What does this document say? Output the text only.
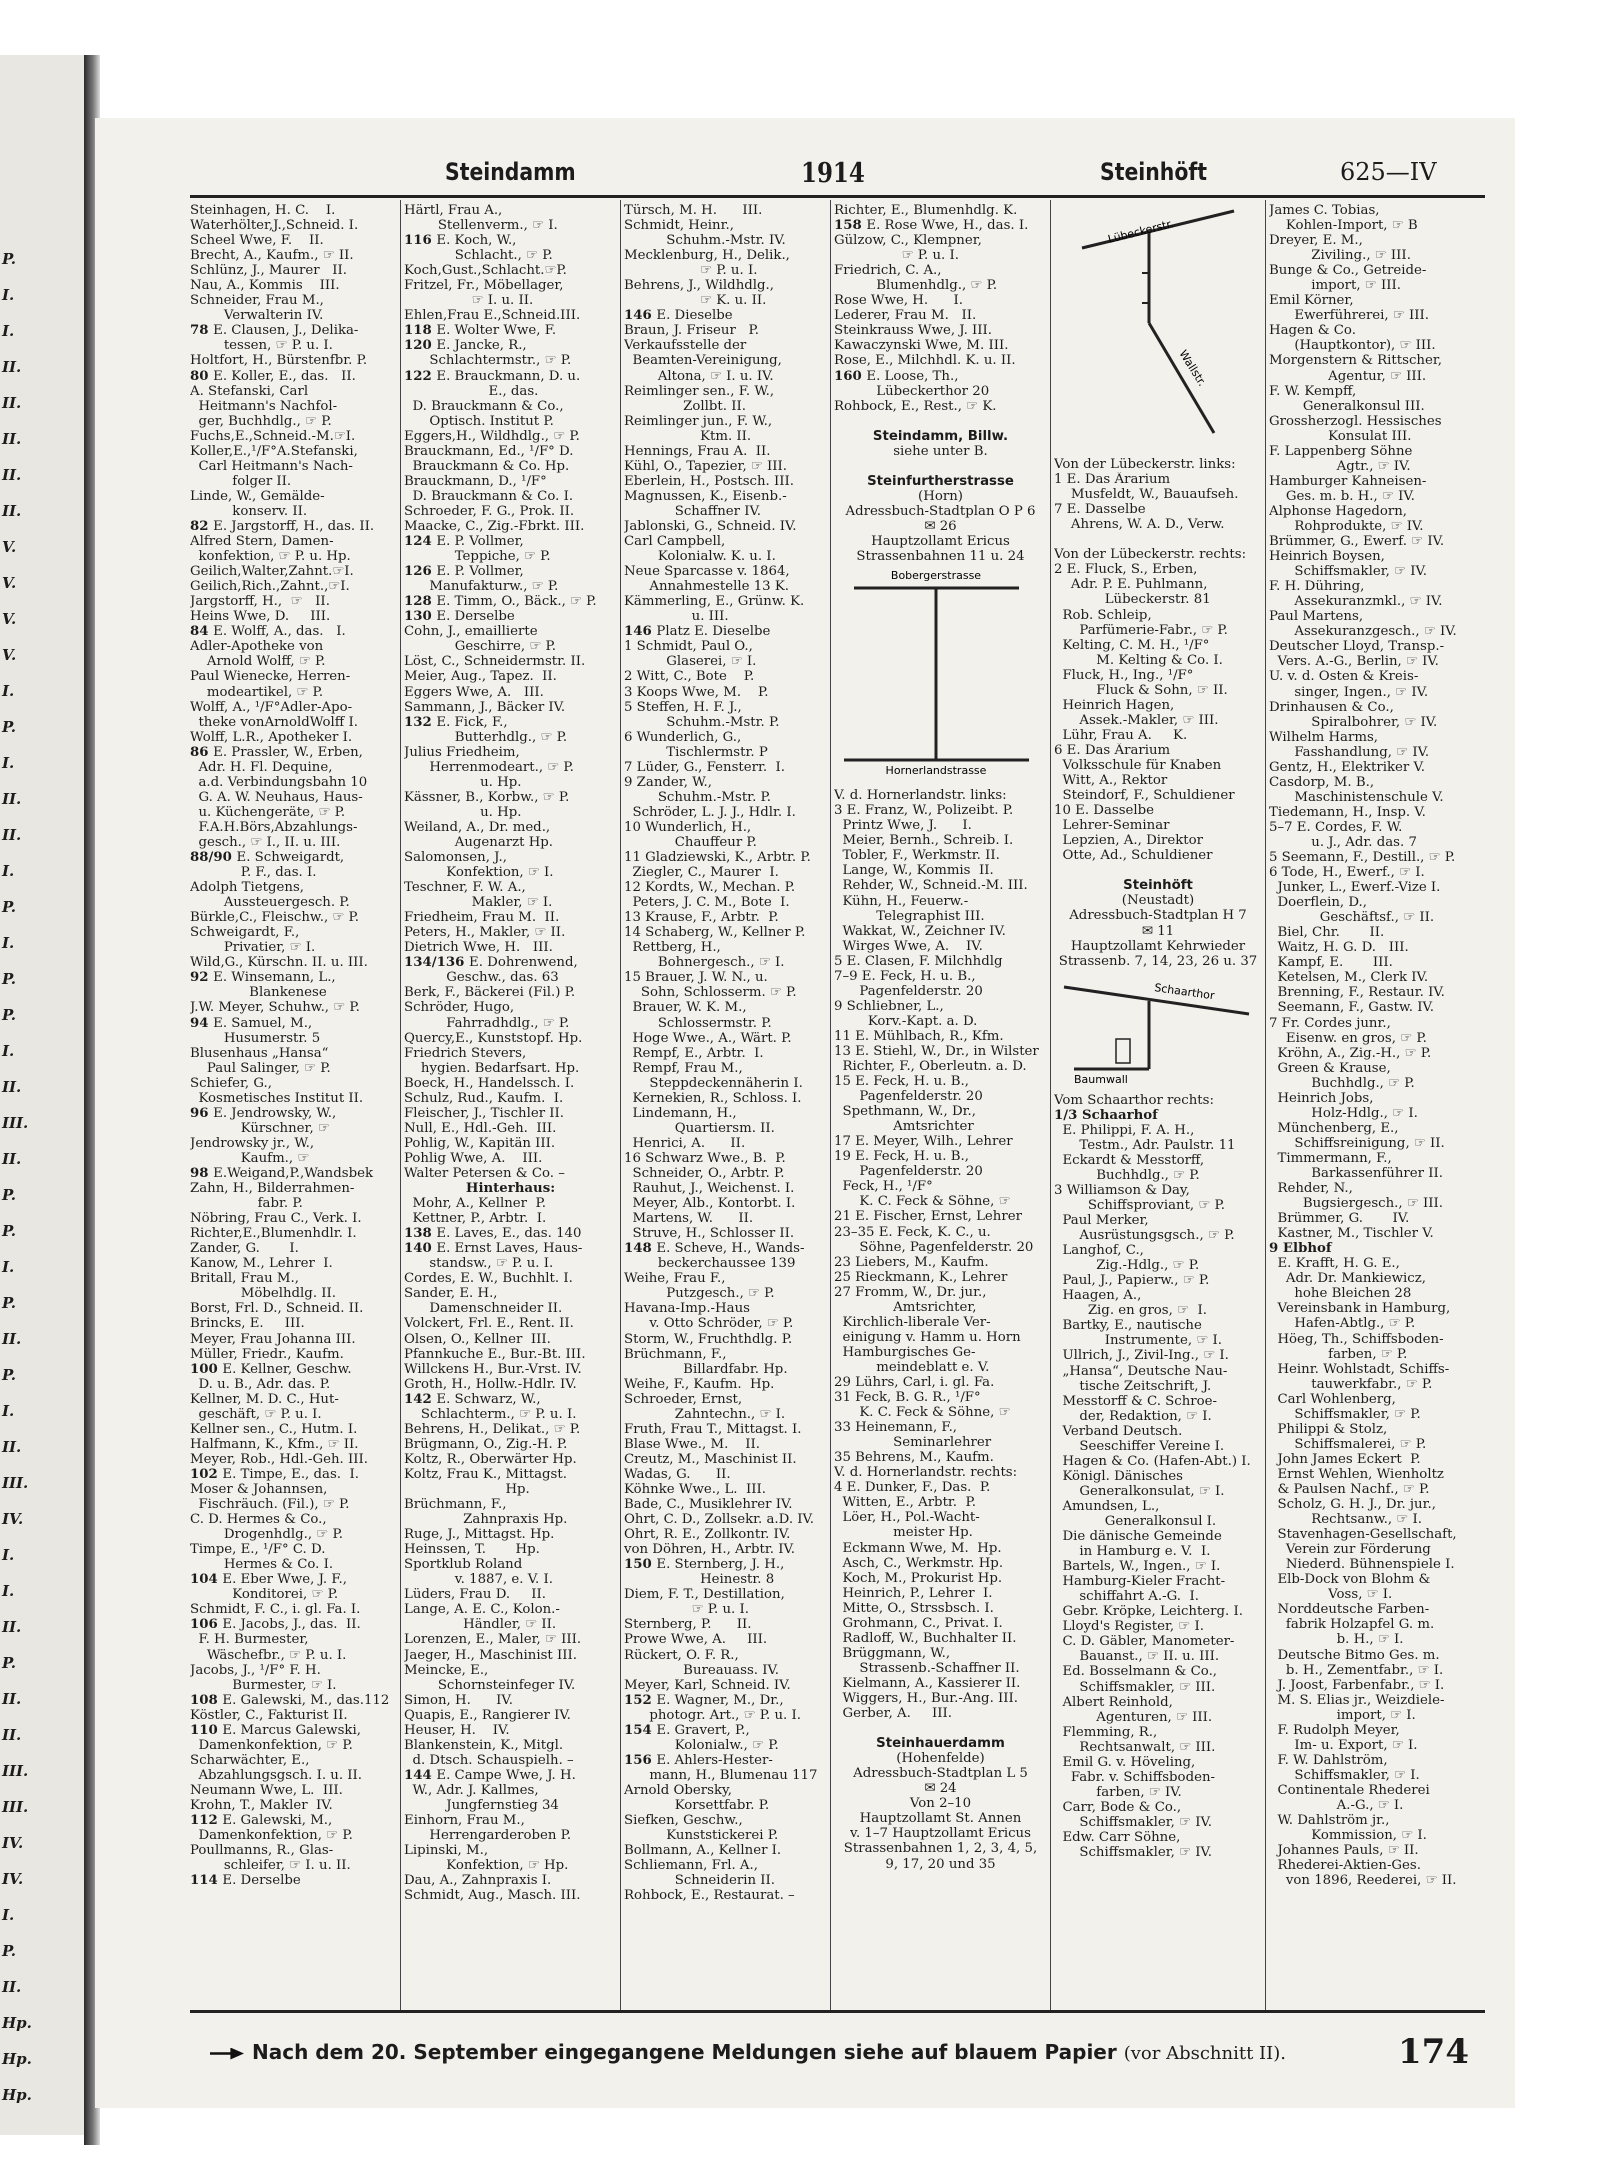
P.
I.
I.
II.
II.
II.
II.
II.
V.
V.
V.
V.
I.
P.
I.
II.
II.
I.
P.
I.
P.
P.
I.
II.
III.
II.
P.
P.
I.
P.
II.
P.
I.
II.
III.
IV.
I.
I.
II.
P.
II.
II.
III.
III.
IV.
IV.
I.
P.
II.
Hp.
Hp.
Hp.
Steindamm	1914	Steinhöft	625—IV
Steinhagen, H. C.    I.
Waterhölter,J.,Schneid. I.
Scheel Wwe, F.    II.
Brecht, A., Kaufm., ☞ II.
Schlünz, J., Maurer   II.
Nau, A., Kommis    III.
Schneider, Frau M.,
Verwalterin IV.
78 E. Clausen, J., Delika-
tessen, ☞ P. u. I.
Holtfort, H., Bürstenfbr. P.
80 E. Koller, E., das.   II.
A. Stefanski, Carl
Heitmann's Nachfol-
ger, Buchhdlg., ☞ P.
Fuchs,E.,Schneid.-M.☞I.
Koller,E.,¹/F°A.Stefanski,
Carl Heitmann's Nach-
folger II.
Linde, W., Gemälde-
konserv. II.
82 E. Jargstorff, H., das. II.
Alfred Stern, Damen-
konfektion, ☞ P. u. Hp.
Geilich,Walter,Zahnt.☞I.
Geilich,Rich.,Zahnt.,☞I.
Jargstorff, H.,  ☞   II.
Heins Wwe, D.     III.
84 E. Wolff, A., das.   I.
Adler-Apotheke von
Arnold Wolff, ☞ P.
Paul Wienecke, Herren-
modeartikel, ☞ P.
Wolff, A., ¹/F°Adler-Apo-
theke vonArnoldWolff I.
Wolff, L.R., Apotheker I.
86 E. Prassler, W., Erben,
Adr. H. Fl. Dequine,
a.d. Verbindungsbahn 10
G. A. W. Neuhaus, Haus-
u. Küchengeräte, ☞ P.
F.A.H.Börs,Abzahlungs-
gesch., ☞ I., II. u. III.
88/90 E. Schweigardt,
P. F., das. I.
Adolph Tietgens,
Aussteuergesch. P.
Bürkle,C., Fleischw., ☞ P.
Schweigardt, F.,
Privatier, ☞ I.
Wild,G., Kürschn. II. u. III.
92 E. Winsemann, L.,
Blankenese
J.W. Meyer, Schuhw., ☞ P.
94 E. Samuel, M.,
Husumerstr. 5
Blusenhaus „Hansa“
Paul Salinger, ☞ P.
Schiefer, G.,
Kosmetisches Institut II.
96 E. Jendrowsky, W.,
Kürschner, ☞
Jendrowsky jr., W.,
Kaufm., ☞
98 E.Weigand,P.,Wandsbek
Zahn, H., Bilderrahmen-
fabr. P.
Nöbring, Frau C., Verk. I.
Richter,E.,Blumenhdlr. I.
Zander, G.       I.
Kanow, M., Lehrer  I.
Britall, Frau M.,
Möbelhdlg. II.
Borst, Frl. D., Schneid. II.
Brincks, E.     III.
Meyer, Frau Johanna III.
Müller, Friedr., Kaufm.
100 E. Kellner, Geschw.
D. u. B., Adr. das. P.
Kellner, M. D. C., Hut-
geschäft, ☞ P. u. I.
Kellner sen., C., Hutm. I.
Halfmann, K., Kfm., ☞ II.
Meyer, Rob., Hdl.-Geh. III.
102 E. Timpe, E., das.  I.
Moser & Johannsen,
Fischräuch. (Fil.), ☞ P.
C. D. Hermes & Co.,
Drogenhdlg., ☞ P.
Timpe, E., ¹/F° C. D.
Hermes & Co. I.
104 E. Eber Wwe, J. F.,
Konditorei, ☞ P.
Schmidt, F. C., i. gl. Fa. I.
106 E. Jacobs, J., das.  II.
F. H. Burmester,
Wäschefbr., ☞ P. u. I.
Jacobs, J., ¹/F° F. H.
Burmester, ☞ I.
108 E. Galewski, M., das.112
Köstler, C., Fakturist II.
110 E. Marcus Galewski,
Damenkonfektion, ☞ P.
Scharwächter, E.,
Abzahlungsgsch. I. u. II.
Neumann Wwe, L.  III.
Krohn, T., Makler  IV.
112 E. Galewski, M.,
Damenkonfektion, ☞ P.
Poullmanns, R., Glas-
schleifer, ☞ I. u. II.
114 E. Derselbe
Härtl, Frau A.,
Stellenverm., ☞ I.
116 E. Koch, W.,
Schlacht., ☞ P.
Koch,Gust.,Schlacht.☞P.
Fritzel, Fr., Möbellager,
☞ I. u. II.
Ehlen,Frau E.,Schneid.III.
118 E. Wolter Wwe, F.
120 E. Jancke, R.,
Schlachtermstr., ☞ P.
122 E. Brauckmann, D. u.
E., das.
D. Brauckmann & Co.,
Optisch. Institut P.
Eggers,H., Wildhdlg., ☞ P.
Brauckmann, Ed., ¹/F° D.
Brauckmann & Co. Hp.
Brauckmann, D., ¹/F°
D. Brauckmann & Co. I.
Schroeder, F. G., Prok. II.
Maacke, C., Zig.-Fbrkt. III.
124 E. P. Vollmer,
Teppiche, ☞ P.
126 E. P. Vollmer,
Manufakturw., ☞ P.
128 E. Timm, O., Bäck., ☞ P.
130 E. Derselbe
Cohn, J., emaillierte
Geschirre, ☞ P.
Löst, C., Schneidermstr. II.
Meier, Aug., Tapez.  II.
Eggers Wwe, A.   III.
Sammann, J., Bäcker IV.
132 E. Fick, F.,
Butterhdlg., ☞ P.
Julius Friedheim,
Herrenmodeart., ☞ P.
u. Hp.
Kässner, B., Korbw., ☞ P.
u. Hp.
Weiland, A., Dr. med.,
Augenarzt Hp.
Salomonsen, J.,
Konfektion, ☞ I.
Teschner, F. W. A.,
Makler, ☞ I.
Friedheim, Frau M.  II.
Peters, H., Makler, ☞ II.
Dietrich Wwe, H.   III.
134/136 E. Dohrenwend,
Geschw., das. 63
Berk, F., Bäckerei (Fil.) P.
Schröder, Hugo,
Fahrradhdlg., ☞ P.
Quercy,E., Kunststopf. Hp.
Friedrich Stevers,
hygien. Bedarfsart. Hp.
Boeck, H., Handelssch. I.
Schulz, Rud., Kaufm.  I.
Fleischer, J., Tischler II.
Null, E., Hdl.-Geh.  III.
Pohlig, W., Kapitän III.
Pohlig Wwe, A.    III.
Walter Petersen & Co. –
Hinterhaus:
Mohr, A., Kellner  P.
Kettner, P., Arbtr.  I.
138 E. Laves, E., das. 140
140 E. Ernst Laves, Haus-
standsw., ☞ P. u. I.
Cordes, E. W., Buchhlt. I.
Sander, E. H.,
Damenschneider II.
Volckert, Frl. E., Rent. II.
Olsen, O., Kellner  III.
Pfannkuche E., Bur.-Bt. III.
Willckens H., Bur.-Vrst. IV.
Groth, H., Hollw.-Hdlr. IV.
142 E. Schwarz, W.,
Schlachterm., ☞ P. u. I.
Behrens, H., Delikat., ☞ P.
Brügmann, O., Zig.-H. P.
Koltz, R., Oberwärter Hp.
Koltz, Frau K., Mittagst.
Hp.
Brüchmann, F.,
Zahnpraxis Hp.
Ruge, J., Mittagst. Hp.
Heinssen, T.       Hp.
Sportklub Roland
v. 1887, e. V. I.
Lüders, Frau D.     II.
Lange, A. E. C., Kolon.-
Händler, ☞ II.
Lorenzen, E., Maler, ☞ III.
Jaeger, H., Maschinist III.
Meincke, E.,
Schornsteinfeger IV.
Simon, H.      IV.
Quapis, E., Rangierer IV.
Heuser, H.    IV.
Blankenstein, K., Mitgl.
d. Dtsch. Schauspielh. –
144 E. Campe Wwe, J. H.
W., Adr. J. Kallmes,
Jungfernstieg 34
Einhorn, Frau M.,
Herrengarderoben P.
Lipinski, M.,
Konfektion, ☞ Hp.
Dau, A., Zahnpraxis I.
Schmidt, Aug., Masch. III.
Türsch, M. H.      III.
Schmidt, Heinr.,
Schuhm.-Mstr. IV.
Mecklenburg, H., Delik.,
☞ P. u. I.
Behrens, J., Wildhdlg.,
☞ K. u. II.
146 E. Dieselbe
Braun, J. Friseur   P.
Verkaufsstelle der
Beamten-Vereinigung,
Altona, ☞ I. u. IV.
Reimlinger sen., F. W.,
Zollbt. II.
Reimlinger jun., F. W.,
Ktm. II.
Hennings, Frau A.  II.
Kühl, O., Tapezier, ☞ III.
Eberlein, H., Postsch. III.
Magnussen, K., Eisenb.-
Schaffner IV.
Jablonski, G., Schneid. IV.
Carl Campbell,
Kolonialw. K. u. I.
Neue Sparcasse v. 1864,
Annahmestelle 13 K.
Kämmerling, E., Grünw. K.
u. III.
146 Platz E. Dieselbe
1 Schmidt, Paul O.,
Glaserei, ☞ I.
2 Witt, C., Bote    P.
3 Koops Wwe, M.    P.
5 Steffen, H. F. J.,
Schuhm.-Mstr. P.
6 Wunderlich, G.,
Tischlermstr. P
7 Lüder, G., Fensterr.  I.
9 Zander, W.,
Schuhm.-Mstr. P.
Schröder, L. J. J., Hdlr. I.
10 Wunderlich, H.,
Chauffeur P.
11 Gladziewski, K., Arbtr. P.
Ziegler, C., Maurer  I.
12 Kordts, W., Mechan. P.
Peters, J. C. M., Bote  I.
13 Krause, F., Arbtr.  P.
14 Schaberg, W., Kellner P.
Rettberg, H.,
Bohnergesch., ☞ I.
15 Brauer, J. W. N., u.
Sohn, Schlosserm. ☞ P.
Brauer, W. K. M.,
Schlossermstr. P.
Hoge Wwe., A., Wärt. P.
Rempf, E., Arbtr.  I.
Rempf, Frau M.,
Steppdeckennäherin I.
Kernekien, R., Schloss. I.
Lindemann, H.,
Quartiersm. II.
Henrici, A.      II.
16 Schwarz Wwe., B.  P.
Schneider, O., Arbtr. P.
Rauhut, J., Weichenst. I.
Meyer, Alb., Kontorbt. I.
Martens, W.      II.
Struve, H., Schlosser II.
148 E. Scheve, H., Wands-
beckerchaussee 139
Weihe, Frau F.,
Putzgesch., ☞ P.
Havana-Imp.-Haus
v. Otto Schröder, ☞ P.
Storm, W., Fruchthdlg. P.
Brüchmann, F.,
Billardfabr. Hp.
Weihe, F., Kaufm.  Hp.
Schroeder, Ernst,
Zahntechn., ☞ I.
Fruth, Frau T., Mittagst. I.
Blase Wwe., M.    II.
Creutz, M., Maschinist II.
Wadas, G.      II.
Köhnke Wwe., L.  III.
Bade, C., Musiklehrer IV.
Ohrt, C. D., Zollsekr. a.D. IV.
Ohrt, R. E., Zollkontr. IV.
von Döhren, H., Arbtr. IV.
150 E. Sternberg, J. H.,
Heinestr. 8
Diem, F. T., Destillation,
☞ P. u. I.
Sternberg, P.      II.
Prowe Wwe, A.     III.
Rückert, O. F. R.,
Bureauass. IV.
Meyer, Karl, Schneid. IV.
152 E. Wagner, M., Dr.,
photogr. Art., ☞ P. u. I.
154 E. Gravert, P.,
Kolonialw., ☞ P.
156 E. Ahlers-Hester-
mann, H., Blumenau 117
Arnold Obersky,
Korsettfabr. P.
Siefken, Geschw.,
Kunststickerei P.
Bollmann, A., Kellner I.
Schliemann, Frl. A.,
Schneiderin II.
Rohbock, E., Restaurat. –
Richter, E., Blumenhdlg. K.
158 E. Rose Wwe, H., das. I.
Gülzow, C., Klempner,
☞ P. u. I.
Friedrich, C. A.,
Blumenhdlg., ☞ P.
Rose Wwe, H.      I.
Lederer, Frau M.   II.
Steinkrauss Wwe, J. III.
Kawaczynski Wwe, M. III.
Rose, E., Milchhdl. K. u. II.
160 E. Loose, Th.,
Lübeckerthor 20
Rohbock, E., Rest., ☞ K.
Steindamm, Billw.
siehe unter B.
Steinfurtherstrasse
(Horn)
Adressbuch-Stadtplan O P 6
✉ 26
Hauptzollamt Ericus
Strassenbahnen 11 u. 24
Bobergerstrasse
Hornerlandstrasse
V. d. Hornerlandstr. links:
3 E. Franz, W., Polizeibt. P.
Printz Wwe, J.      I.
Meier, Bernh., Schreib. I.
Tobler, F., Werkmstr. II.
Lange, W., Kommis  II.
Rehder, W., Schneid.-M. III.
Kühn, H., Feuerw.-
Telegraphist III.
Wakkat, W., Zeichner IV.
Wirges Wwe, A.    IV.
5 E. Clasen, F. Milchhdlg
7–9 E. Feck, H. u. B.,
Pagenfelderstr. 20
9 Schliebner, L.,
Korv.-Kapt. a. D.
11 E. Mühlbach, R., Kfm.
13 E. Stiehl, W., Dr., in Wilster
Richter, F., Oberleutn. a. D.
15 E. Feck, H. u. B.,
Pagenfelderstr. 20
Spethmann, W., Dr.,
Amtsrichter
17 E. Meyer, Wilh., Lehrer
19 E. Feck, H. u. B.,
Pagenfelderstr. 20
Feck, H., ¹/F°
K. C. Feck & Söhne, ☞
21 E. Fischer, Ernst, Lehrer
23–35 E. Feck, K. C., u.
Söhne, Pagenfelderstr. 20
23 Liebers, M., Kaufm.
25 Rieckmann, K., Lehrer
27 Fromm, W., Dr. jur.,
Amtsrichter,
Kirchlich-liberale Ver-
einigung v. Hamm u. Horn
Hamburgisches Ge-
meindeblatt e. V.
29 Lührs, Carl, i. gl. Fa.
31 Feck, B. G. R., ¹/F°
K. C. Feck & Söhne, ☞
33 Heinemann, F.,
Seminarlehrer
35 Behrens, M., Kaufm.
V. d. Hornerlandstr. rechts:
4 E. Dunker, F., Das.  P.
Witten, E., Arbtr.  P.
Löer, H., Pol.-Wacht-
meister Hp.
Eckmann Wwe, M.  Hp.
Asch, C., Werkmstr. Hp.
Koch, M., Prokurist Hp.
Heinrich, P., Lehrer  I.
Mitte, O., Strssbsch. I.
Grohmann, C., Privat. I.
Radloff, W., Buchhalter II.
Brüggmann, W.,
Strassenb.-Schaffner II.
Kielmann, A., Kassierer II.
Wiggers, H., Bur.-Ang. III.
Gerber, A.     III.
Steinhauerdamm
(Hohenfelde)
Adressbuch-Stadtplan L 5
✉ 24
Von 2–10
Hauptzollamt St. Annen
v. 1–7 Hauptzollamt Ericus
Strassenbahnen 1, 2, 3, 4, 5,
9, 17, 20 und 35
Lübeckerstr.
Wallstr.
Von der Lübeckerstr. links:
1 E. Das Ärarium
Musfeldt, W., Bauaufseh.
7 E. Dasselbe
Ahrens, W. A. D., Verw.
Von der Lübeckerstr. rechts:
2 E. Fluck, S., Erben,
Adr. P. E. Puhlmann,
Lübeckerstr. 81
Rob. Schleip,
Parfümerie-Fabr., ☞ P.
Kelting, C. M. H., ¹/F°
M. Kelting & Co. I.
Fluck, H., Ing., ¹/F°
Fluck & Sohn, ☞ II.
Heinrich Hagen,
Assek.-Makler, ☞ III.
Lühr, Frau A.     K.
6 E. Das Ärarium
Volksschule für Knaben
Witt, A., Rektor
Steindorf, F., Schuldiener
10 E. Dasselbe
Lehrer-Seminar
Lepzien, A., Direktor
Otte, Ad., Schuldiener
Steinhöft
(Neustadt)
Adressbuch-Stadtplan H 7
✉ 11
Hauptzollamt Kehrwieder
Strassenb. 7, 14, 23, 26 u. 37
Schaarthor
Baumwall
Vom Schaarthor rechts:
1/3 Schaarhof
E. Philippi, F. A. H.,
Testm., Adr. Paulstr. 11
Eckardt & Messtorff,
Buchhdlg., ☞ P.
3 Williamson & Day,
Schiffsproviant, ☞ P.
Paul Merker,
Ausrüstungsgsch., ☞ P.
Langhof, C.,
Zig.-Hdlg., ☞ P.
Paul, J., Papierw., ☞ P.
Haagen, A.,
Zig. en gros, ☞  I.
Bartky, E., nautische
Instrumente, ☞ I.
Ullrich, J., Zivil-Ing., ☞ I.
„Hansa“, Deutsche Nau-
tische Zeitschrift, J.
Messtorff & C. Schroe-
der, Redaktion, ☞ I.
Verband Deutsch.
Seeschiffer Vereine I.
Hagen & Co. (Hafen-Abt.) I.
Königl. Dänisches
Generalkonsulat, ☞ I.
Amundsen, L.,
Generalkonsul I.
Die dänische Gemeinde
in Hamburg e. V.  I.
Bartels, W., Ingen., ☞ I.
Hamburg-Kieler Fracht-
schiffahrt A.-G.  I.
Gebr. Kröpke, Leichterg. I.
Lloyd's Register, ☞ I.
C. D. Gäbler, Manometer-
Bauanst., ☞ II. u. III.
Ed. Bosselmann & Co.,
Schiffsmakler, ☞ III.
Albert Reinhold,
Agenturen, ☞ III.
Flemming, R.,
Rechtsanwalt, ☞ III.
Emil G. v. Höveling,
Fabr. v. Schiffsboden-
farben, ☞ IV.
Carr, Bode & Co.,
Schiffsmakler, ☞ IV.
Edw. Carr Söhne,
Schiffsmakler, ☞ IV.
James C. Tobias,
Kohlen-Import, ☞ B
Dreyer, E. M.,
Ziviling., ☞ III.
Bunge & Co., Getreide-
import, ☞ III.
Emil Körner,
Ewerführerei, ☞ III.
Hagen & Co.
(Hauptkontor), ☞ III.
Morgenstern & Rittscher,
Agentur, ☞ III.
F. W. Kempff,
Generalkonsul III.
Grossherzogl. Hessisches
Konsulat III.
F. Lappenberg Söhne
Agtr., ☞ IV.
Hamburger Kahneisen-
Ges. m. b. H., ☞ IV.
Alphonse Hagedorn,
Rohprodukte, ☞ IV.
Brümmer, G., Ewerf. ☞ IV.
Heinrich Boysen,
Schiffsmakler, ☞ IV.
F. H. Dühring,
Assekuranzmkl., ☞ IV.
Paul Martens,
Assekuranzgesch., ☞ IV.
Deutscher Lloyd, Transp.-
Vers. A.-G., Berlin, ☞ IV.
U. v. d. Osten & Kreis-
singer, Ingen., ☞ IV.
Drinhausen & Co.,
Spiralbohrer, ☞ IV.
Wilhelm Harms,
Fasshandlung, ☞ IV.
Gentz, H., Elektriker V.
Casdorp, M. B.,
Maschinistenschule V.
Tiedemann, H., Insp. V.
5–7 E. Cordes, F. W.
u. J., Adr. das. 7
5 Seemann, F., Destill., ☞ P.
6 Tode, H., Ewerf., ☞ I.
Junker, L., Ewerf.-Vize I.
Doerflein, D.,
Geschäftsf., ☞ II.
Biel, Chr.       II.
Waitz, H. G. D.   III.
Kampf, E.       III.
Ketelsen, M., Clerk IV.
Brenning, F., Restaur. IV.
Seemann, F., Gastw. IV.
7 Fr. Cordes junr.,
Eisenw. en gros, ☞ P.
Kröhn, A., Zig.-H., ☞ P.
Green & Krause,
Buchhdlg., ☞ P.
Heinrich Jobs,
Holz-Hdlg., ☞ I.
Münchenberg, E.,
Schiffsreinigung, ☞ II.
Timmermann, F.,
Barkassenführer II.
Rehder, N.,
Bugsiergesch., ☞ III.
Brümmer, G.       IV.
Kastner, M., Tischler V.
9 Elbhof
E. Krafft, H. G. E.,
Adr. Dr. Mankiewicz,
hohe Bleichen 28
Vereinsbank in Hamburg,
Hafen-Abtlg., ☞ P.
Höeg, Th., Schiffsboden-
farben, ☞ P.
Heinr. Wohlstadt, Schiffs-
tauwerkfabr., ☞ P.
Carl Wohlenberg,
Schiffsmakler, ☞ P.
Philippi & Stolz,
Schiffsmalerei, ☞ P.
John James Eckert  P.
Ernst Wehlen, Wienholtz
& Paulsen Nachf., ☞ P.
Scholz, G. H. J., Dr. jur.,
Rechtsanw., ☞ I.
Stavenhagen-Gesellschaft,
Verein zur Förderung
Niederd. Bühnenspiele I.
Elb-Dock von Blohm &
Voss, ☞ I.
Norddeutsche Farben-
fabrik Holzapfel G. m.
b. H., ☞ I.
Deutsche Bitmo Ges. m.
b. H., Zementfabr., ☞ I.
J. Joost, Farbenfabr., ☞ I.
M. S. Elias jr., Weizdiele-
import, ☞ I.
F. Rudolph Meyer,
Im- u. Export, ☞ I.
F. W. Dahlström,
Schiffsmakler, ☞ I.
Continentale Rhederei
A.-G., ☞ I.
W. Dahlström jr.,
Kommission, ☞ I.
Johannes Pauls, ☞ II.
Rhederei-Aktien-Ges.
von 1896, Reederei, ☞ II.
Nach dem 20. September eingegangene Meldungen siehe auf blauem Papier (vor Abschnitt II).	174
